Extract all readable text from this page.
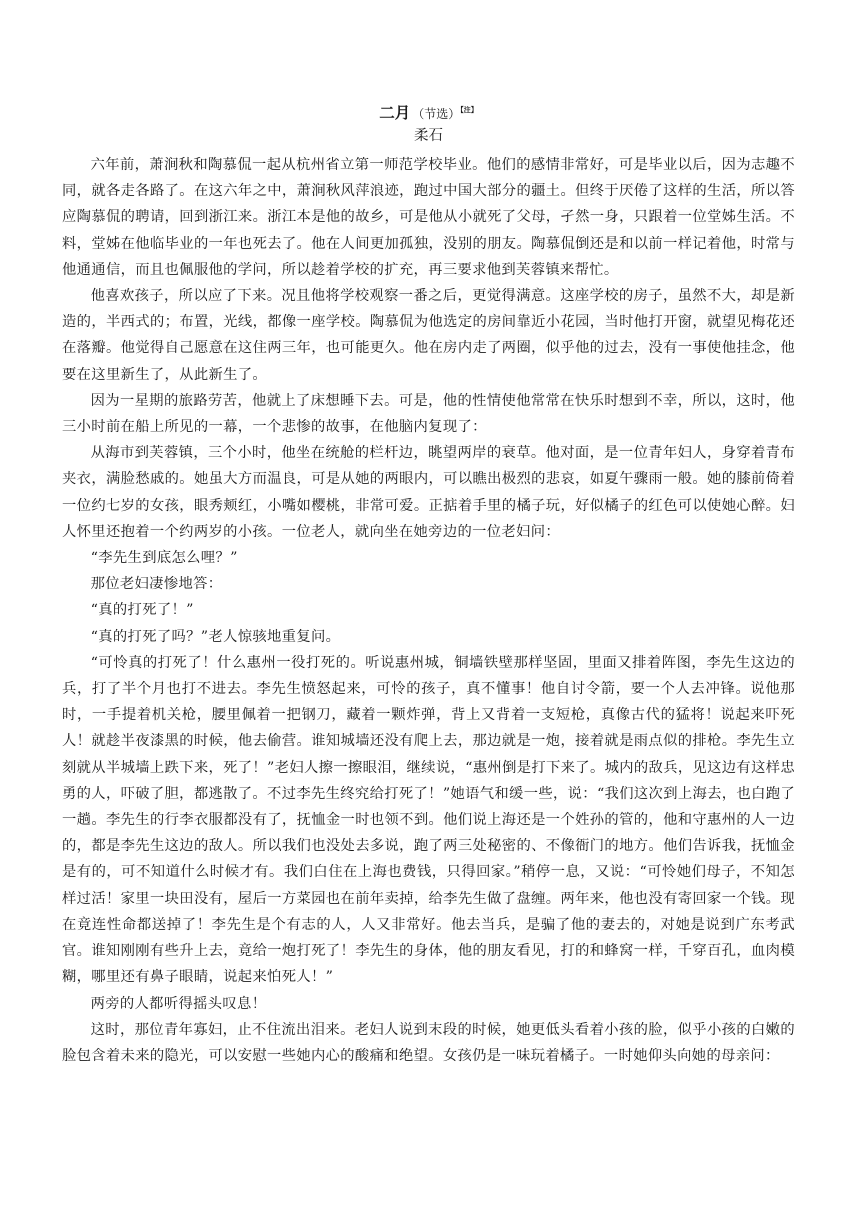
二月 （节选）$^{【注】}$
柔石

六年前，萧涧秋和陶慕侃一起从杭州省立第一师范学校毕业。他们的感情非常好，可是毕业以后，因为志趣不同，就各走各路了。在这六年之中，萧涧秋风萍浪迹，跑过中国大部分的疆土。但终于厌倦了这样的生活，所以答应陶慕侃的聘请，回到浙江来。浙江本是他的故乡，可是他从小就死了父母，孑然一身，只跟着一位堂姊生活。不料，堂姊在他临毕业的一年也死去了。他在人间更加孤独，没别的朋友。陶慕侃倒还是和以前一样记着他，时常与他通通信，而且也佩服他的学问，所以趁着学校的扩充，再三要求他到芙蓉镇来帮忙。

他喜欢孩子，所以应了下来。况且他将学校观察一番之后，更觉得满意。这座学校的房子，虽然不大，却是新造的，半西式的；布置，光线，都像一座学校。陶慕侃为他选定的房间靠近小花园，当时他打开窗，就望见梅花还在落瓣。他觉得自己愿意在这住两三年，也可能更久。他在房内走了两圈，似乎他的过去，没有一事使他挂念，他要在这里新生了，从此新生了。

因为一星期的旅路劳苦，他就上了床想睡下去。可是，他的性情使他常常在快乐时想到不幸，所以，这时，他三小时前在船上所见的一幕，一个悲惨的故事，在他脑内复现了：

从海市到芙蓉镇，三个小时，他坐在统舱的栏杆边，眺望两岸的衰草。他对面，是一位青年妇人，身穿着青布夹衣，满脸愁戚的。她虽大方而温良，可是从她的两眼内，可以瞧出极烈的悲哀，如夏午骤雨一般。她的膝前倚着一位约七岁的女孩，眼秀颊红，小嘴如樱桃，非常可爱。正掂着手里的橘子玩，好似橘子的红色可以使她心醉。妇人怀里还抱着一个约两岁的小孩。一位老人，就向坐在她旁边的一位老妇问：

“李先生到底怎么哩？”

那位老妇凄惨地答：

“真的打死了！”

“真的打死了吗？”老人惊骇地重复问。

“可怜真的打死了！什么惠州一役打死的。听说惠州城，铜墙铁壁那样坚固，里面又排着阵图，李先生这边的兵，打了半个月也打不进去。李先生愤怒起来，可怜的孩子，真不懂事！他自讨令箭，要一个人去冲锋。说他那时，一手提着机关枪，腰里佩着一把钢刀，藏着一颗炸弹，背上又背着一支短枪，真像古代的猛将！说起来吓死人！就趁半夜漆黑的时候，他去偷营。谁知城墙还没有爬上去，那边就是一炮，接着就是雨点似的排枪。李先生立刻就从半城墙上跌下来，死了！”老妇人擦一擦眼泪，继续说，“惠州倒是打下来了。城内的敌兵，见这边有这样忠勇的人，吓破了胆，都逃散了。不过李先生终究给打死了！”她语气和缓一些，说：“我们这次到上海去，也白跑了一趟。李先生的行李衣服都没有了，抚恤金一时也领不到。他们说上海还是一个姓孙的管的，他和守惠州的人一边的，都是李先生这边的敌人。所以我们也没处去多说，跑了两三处秘密的、不像衙门的地方。他们告诉我，抚恤金是有的，可不知道什么时候才有。我们白住在上海也费钱，只得回家。”稍停一息，又说：“可怜她们母子，不知怎样过活！家里一块田没有，屋后一方菜园也在前年卖掉，给李先生做了盘缠。两年来，他也没有寄回家一个钱。现在竟连性命都送掉了！李先生是个有志的人，人又非常好。他去当兵，是骗了他的妻去的，对她是说到广东考武官。谁知刚刚有些升上去，竟给一炮打死了！李先生的身体，他的朋友看见，打的和蜂窝一样，千穿百孔，血肉模糊，哪里还有鼻子眼睛，说起来怕死人！”

两旁的人都听得摇头叹息！

这时，那位青年寡妇，止不住流出泪来。老妇人说到末段的时候，她更低头看着小孩的脸，似乎小孩的白嫩的脸包含着未来的隐光，可以安慰一些她内心的酸痛和绝望。女孩仍是一味玩着橘子。一时她仰头向她的母亲问：
